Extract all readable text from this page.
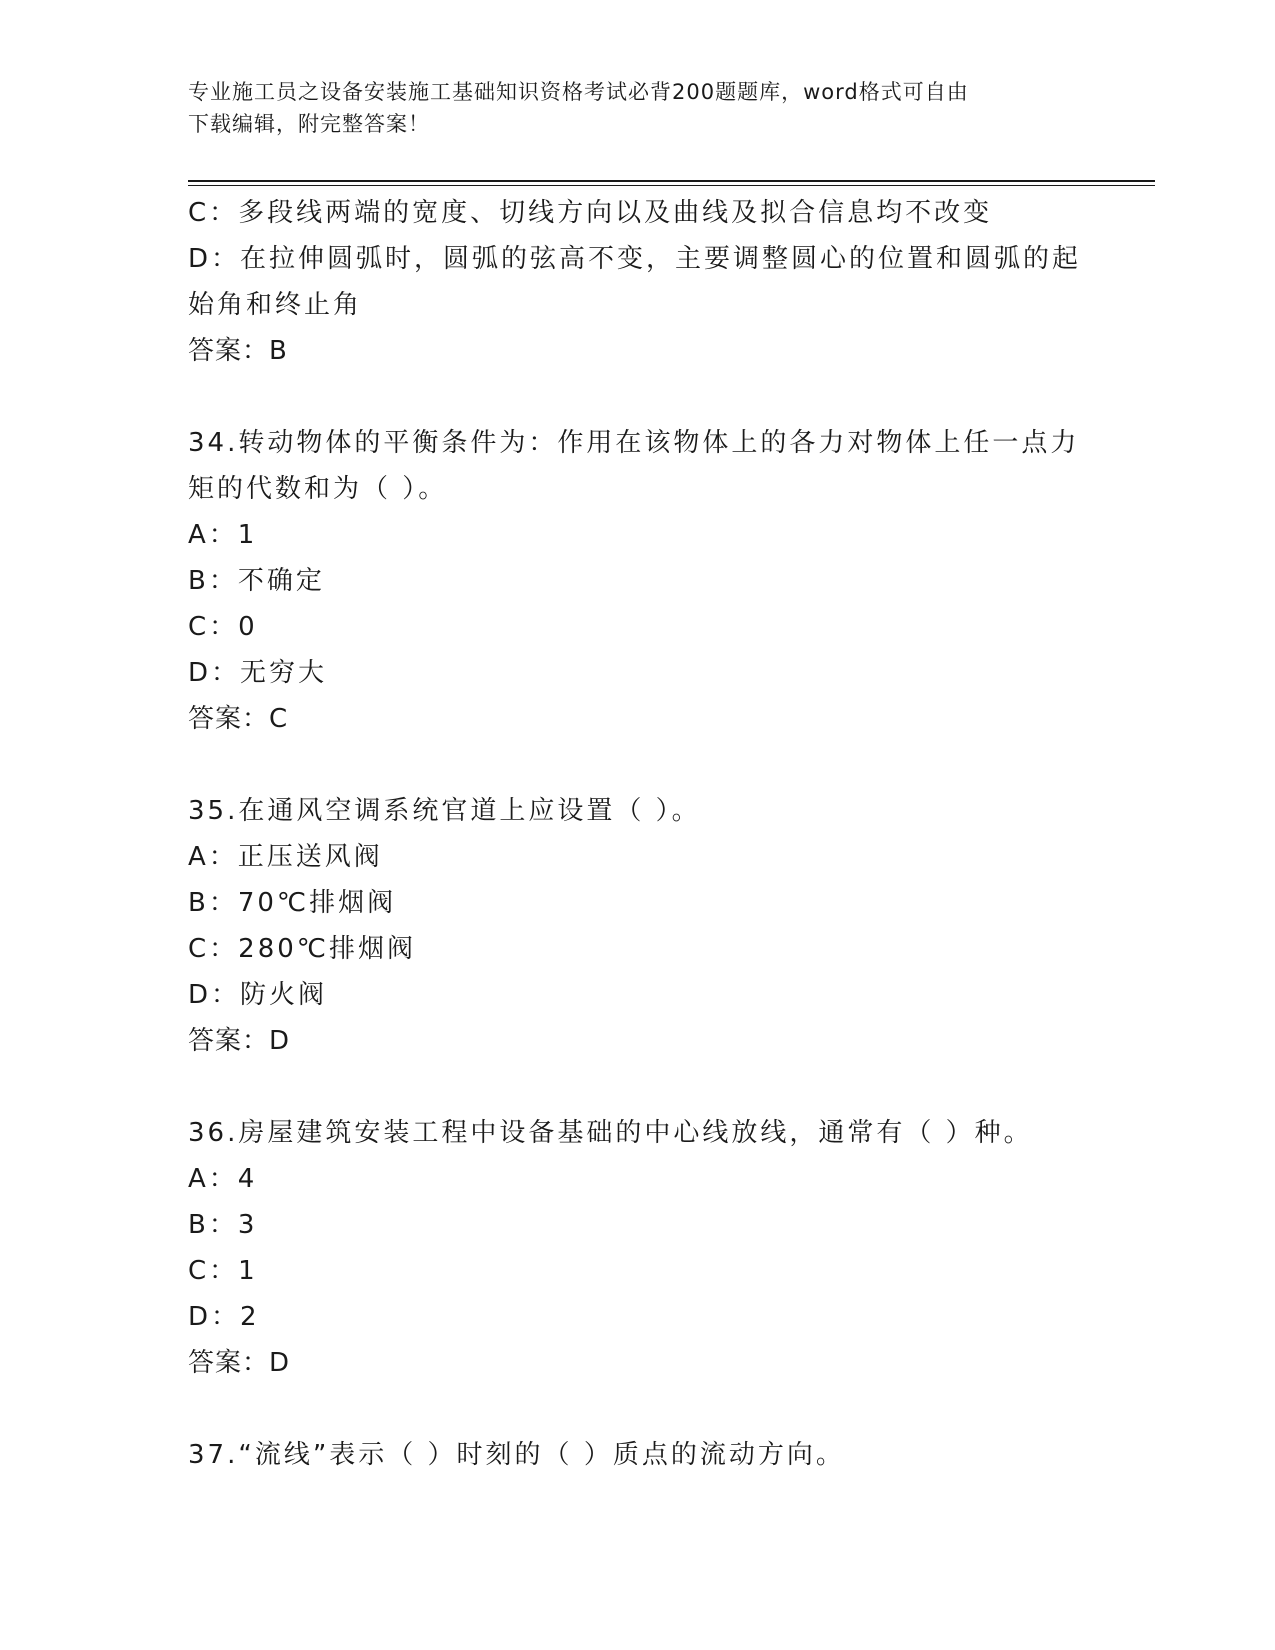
专业施工员之设备安装施工基础知识资格考试必背200题题库，word格式可自由
下载编辑，附完整答案！
C：多段线两端的宽度、切线方向以及曲线及拟合信息均不改变
D：在拉伸圆弧时，圆弧的弦高不变，主要调整圆心的位置和圆弧的起
始角和终止角
答案：B
34.转动物体的平衡条件为：作用在该物体上的各力对物体上任一点力
矩的代数和为（ ）。
A：1
B：不确定
C：0
D：无穷大
答案：C
35.在通风空调系统官道上应设置（ ）。
A：正压送风阀
B：70℃排烟阀
C：280℃排烟阀
D：防火阀
答案：D
36.房屋建筑安装工程中设备基础的中心线放线，通常有（ ）种。
A：4
B：3
C：1
D：2
答案：D
37.“流线”表示（ ）时刻的（ ）质点的流动方向。
